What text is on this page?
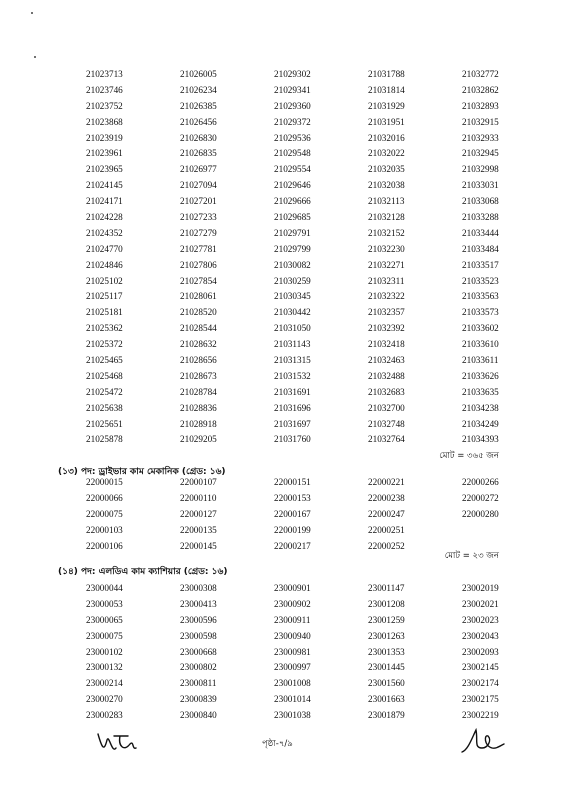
21023713	21026005	21029302	21031788	21032772
21023746	21026234	21029341	21031814	21032862
21023752	21026385	21029360	21031929	21032893
21023868	21026456	21029372	21031951	21032915
21023919	21026830	21029536	21032016	21032933
21023961	21026835	21029548	21032022	21032945
21023965	21026977	21029554	21032035	21032998
21024145	21027094	21029646	21032038	21033031
21024171	21027201	21029666	21032113	21033068
21024228	21027233	21029685	21032128	21033288
21024352	21027279	21029791	21032152	21033444
21024770	21027781	21029799	21032230	21033484
21024846	21027806	21030082	21032271	21033517
21025102	21027854	21030259	21032311	21033523
21025117	21028061	21030345	21032322	21033563
21025181	21028520	21030442	21032357	21033573
21025362	21028544	21031050	21032392	21033602
21025372	21028632	21031143	21032418	21033610
21025465	21028656	21031315	21032463	21033611
21025468	21028673	21031532	21032488	21033626
21025472	21028784	21031691	21032683	21033635
21025638	21028836	21031696	21032700	21034238
21025651	21028918	21031697	21032748	21034249
21025878	21029205	21031760	21032764	21034393
মোট = ৩৬৫ জন
(১৩) পদ: ড্রাইভার কাম মেকানিক (গ্রেড: ১৬)
22000015	22000107	22000151	22000221	22000266
22000066	22000110	22000153	22000238	22000272
22000075	22000127	22000167	22000247	22000280
22000103	22000135	22000199	22000251
22000106	22000145	22000217	22000252
মোট = ২৩ জন
(১৪) পদ: এলডিএ কাম ক্যাশিয়ার (গ্রেড: ১৬)
23000044	23000308	23000901	23001147	23002019
23000053	23000413	23000902	23001208	23002021
23000065	23000596	23000911	23001259	23002023
23000075	23000598	23000940	23001263	23002043
23000102	23000668	23000981	23001353	23002093
23000132	23000802	23000997	23001445	23002145
23000214	23000811	23001008	23001560	23002174
23000270	23000839	23001014	23001663	23002175
23000283	23000840	23001038	23001879	23002219
পৃষ্ঠা-৭/৯
